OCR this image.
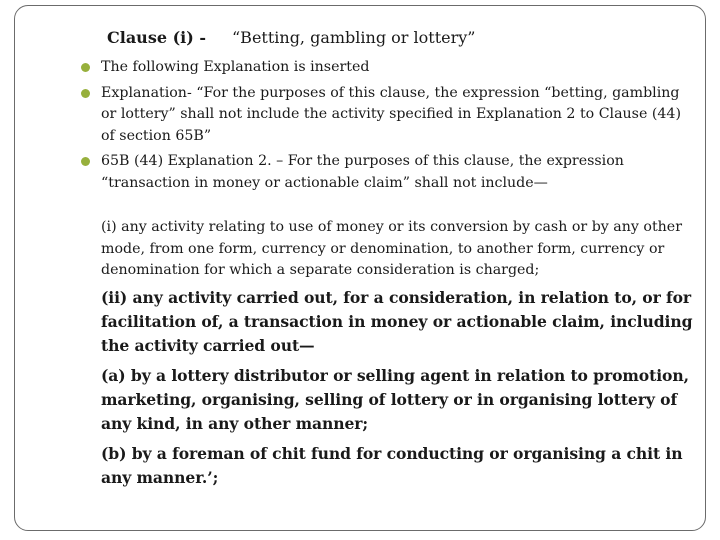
Clause (i) - “Betting, gambling or lottery”
The following Explanation is inserted
Explanation- “For the purposes of this clause, the expression “betting, gambling or lottery” shall not include the activity specified in Explanation 2 to Clause (44) of section 65B”
65B (44) Explanation 2. – For the purposes of this clause, the expression “transaction in money or actionable claim” shall not include—
(i) any activity relating to use of money or its conversion by cash or by any other mode, from one form, currency or denomination, to another form, currency or denomination for which a separate consideration is charged;
(ii) any activity carried out, for a consideration, in relation to, or for facilitation of, a transaction in money or actionable claim, including the activity carried out—
(a) by a lottery distributor or selling agent in relation to promotion, marketing, organising, selling of lottery or in organising lottery of any kind, in any other manner;
(b) by a foreman of chit fund for conducting or organising a chit in any manner.’;
